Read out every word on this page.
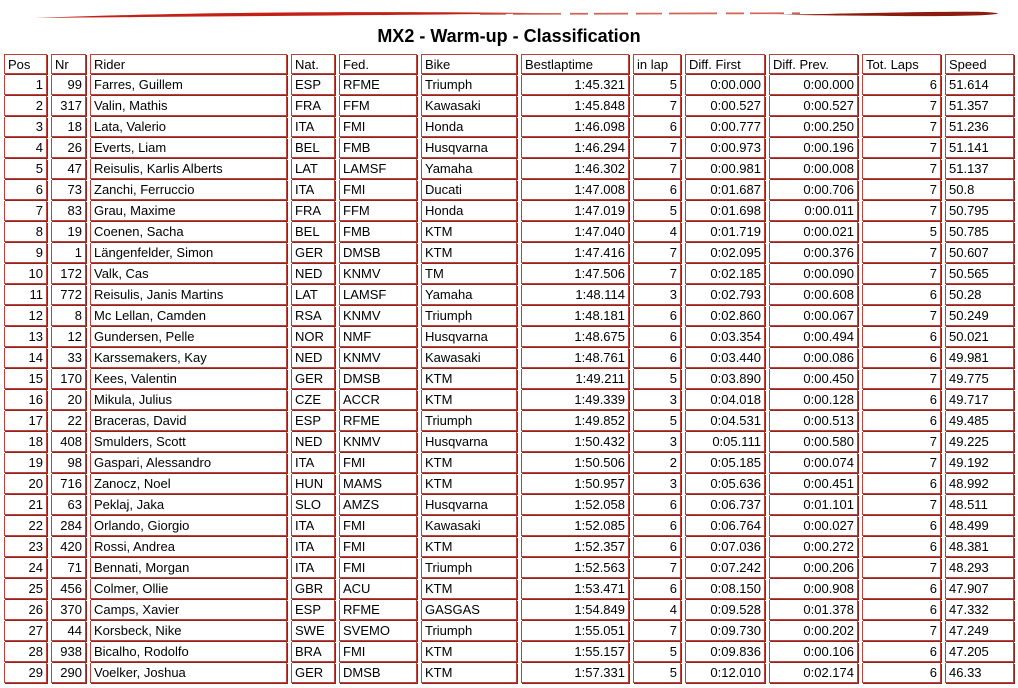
MX2 - Warm-up - Classification
Pos	Nr	Rider	Nat.	Fed.	Bike	Bestlaptime	in lap	Diff. First	Diff. Prev.	Tot. Laps	Speed
1	99	Farres, Guillem	ESP	RFME	Triumph	1:45.321	5	0:00.000	0:00.000	6	51.614
2	317	Valin, Mathis	FRA	FFM	Kawasaki	1:45.848	7	0:00.527	0:00.527	7	51.357
3	18	Lata, Valerio	ITA	FMI	Honda	1:46.098	6	0:00.777	0:00.250	7	51.236
4	26	Everts, Liam	BEL	FMB	Husqvarna	1:46.294	7	0:00.973	0:00.196	7	51.141
5	47	Reisulis, Karlis Alberts	LAT	LAMSF	Yamaha	1:46.302	7	0:00.981	0:00.008	7	51.137
6	73	Zanchi, Ferruccio	ITA	FMI	Ducati	1:47.008	6	0:01.687	0:00.706	7	50.8
7	83	Grau, Maxime	FRA	FFM	Honda	1:47.019	5	0:01.698	0:00.011	7	50.795
8	19	Coenen, Sacha	BEL	FMB	KTM	1:47.040	4	0:01.719	0:00.021	5	50.785
9	1	Längenfelder, Simon	GER	DMSB	KTM	1:47.416	7	0:02.095	0:00.376	7	50.607
10	172	Valk, Cas	NED	KNMV	TM	1:47.506	7	0:02.185	0:00.090	7	50.565
11	772	Reisulis, Janis Martins	LAT	LAMSF	Yamaha	1:48.114	3	0:02.793	0:00.608	6	50.28
12	8	Mc Lellan, Camden	RSA	KNMV	Triumph	1:48.181	6	0:02.860	0:00.067	7	50.249
13	12	Gundersen, Pelle	NOR	NMF	Husqvarna	1:48.675	6	0:03.354	0:00.494	6	50.021
14	33	Karssemakers, Kay	NED	KNMV	Kawasaki	1:48.761	6	0:03.440	0:00.086	6	49.981
15	170	Kees, Valentin	GER	DMSB	KTM	1:49.211	5	0:03.890	0:00.450	7	49.775
16	20	Mikula, Julius	CZE	ACCR	KTM	1:49.339	3	0:04.018	0:00.128	6	49.717
17	22	Braceras, David	ESP	RFME	Triumph	1:49.852	5	0:04.531	0:00.513	6	49.485
18	408	Smulders, Scott	NED	KNMV	Husqvarna	1:50.432	3	0:05.111	0:00.580	7	49.225
19	98	Gaspari, Alessandro	ITA	FMI	KTM	1:50.506	2	0:05.185	0:00.074	7	49.192
20	716	Zanocz, Noel	HUN	MAMS	KTM	1:50.957	3	0:05.636	0:00.451	6	48.992
21	63	Peklaj, Jaka	SLO	AMZS	Husqvarna	1:52.058	6	0:06.737	0:01.101	7	48.511
22	284	Orlando, Giorgio	ITA	FMI	Kawasaki	1:52.085	6	0:06.764	0:00.027	6	48.499
23	420	Rossi, Andrea	ITA	FMI	KTM	1:52.357	6	0:07.036	0:00.272	6	48.381
24	71	Bennati, Morgan	ITA	FMI	Triumph	1:52.563	7	0:07.242	0:00.206	7	48.293
25	456	Colmer, Ollie	GBR	ACU	KTM	1:53.471	6	0:08.150	0:00.908	6	47.907
26	370	Camps, Xavier	ESP	RFME	GASGAS	1:54.849	4	0:09.528	0:01.378	6	47.332
27	44	Korsbeck, Nike	SWE	SVEMO	Triumph	1:55.051	7	0:09.730	0:00.202	7	47.249
28	938	Bicalho, Rodolfo	BRA	FMI	KTM	1:55.157	5	0:09.836	0:00.106	6	47.205
29	290	Voelker, Joshua	GER	DMSB	KTM	1:57.331	5	0:12.010	0:02.174	6	46.33
